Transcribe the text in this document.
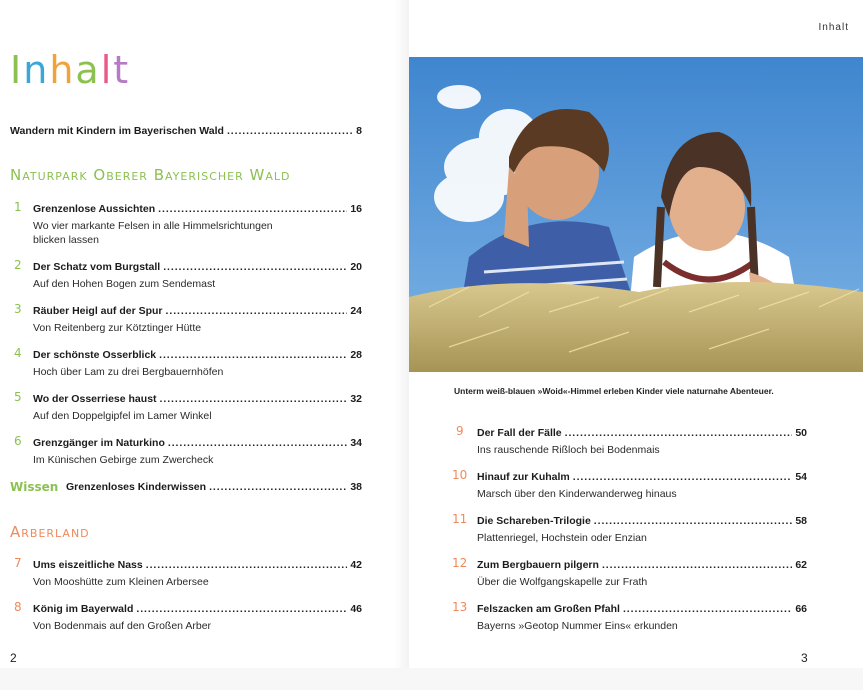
Inhalt
Wandern mit Kindern im Bayerischen Wald . . .	8
Naturpark Oberer Bayerischer Wald
1 Grenzenlose Aussichten . . .	16
Wo vier markante Felsen in alle Himmelsrichtungen
blicken lassen
2 Der Schatz vom Burgstall . . .	20
Auf den Hohen Bogen zum Sendemast
3 Räuber Heigl auf der Spur . . .	24
Von Reitenberg zur Kötztinger Hütte
4 Der schönste Osserblick . . .	28
Hoch über Lam zu drei Bergbauernhöfen
5 Wo der Osserriese haust . . .	32
Auf den Doppelgipfel im Lamer Winkel
6 Grenzgänger im Naturkino . . .	34
Im Künischen Gebirge zum Zwercheck
Wissen Grenzenloses Kinderwissen . . .	38
Arberland
7 Ums eiszeitliche Nass . . .	42
Von Mooshütte zum Kleinen Arbersee
8 König im Bayerwald . . .	46
Von Bodenmais auf den Großen Arber
2
Inhalt
Unterm weiß-blauen »Woid«-Himmel erleben Kinder viele naturnahe Abenteuer.
9 Der Fall der Fälle . . .	50
Ins rauschende Rißloch bei Bodenmais
10 Hinauf zur Kuhalm . . .	54
Marsch über den Kinderwanderweg hinaus
11 Die Schareben-Trilogie . . .	58
Plattenriegel, Hochstein oder Enzian
12 Zum Bergbauern pilgern . . .	62
Über die Wolfgangskapelle zur Frath
13 Felszacken am Großen Pfahl . . .	66
Bayerns »Geotop Nummer Eins« erkunden
3
